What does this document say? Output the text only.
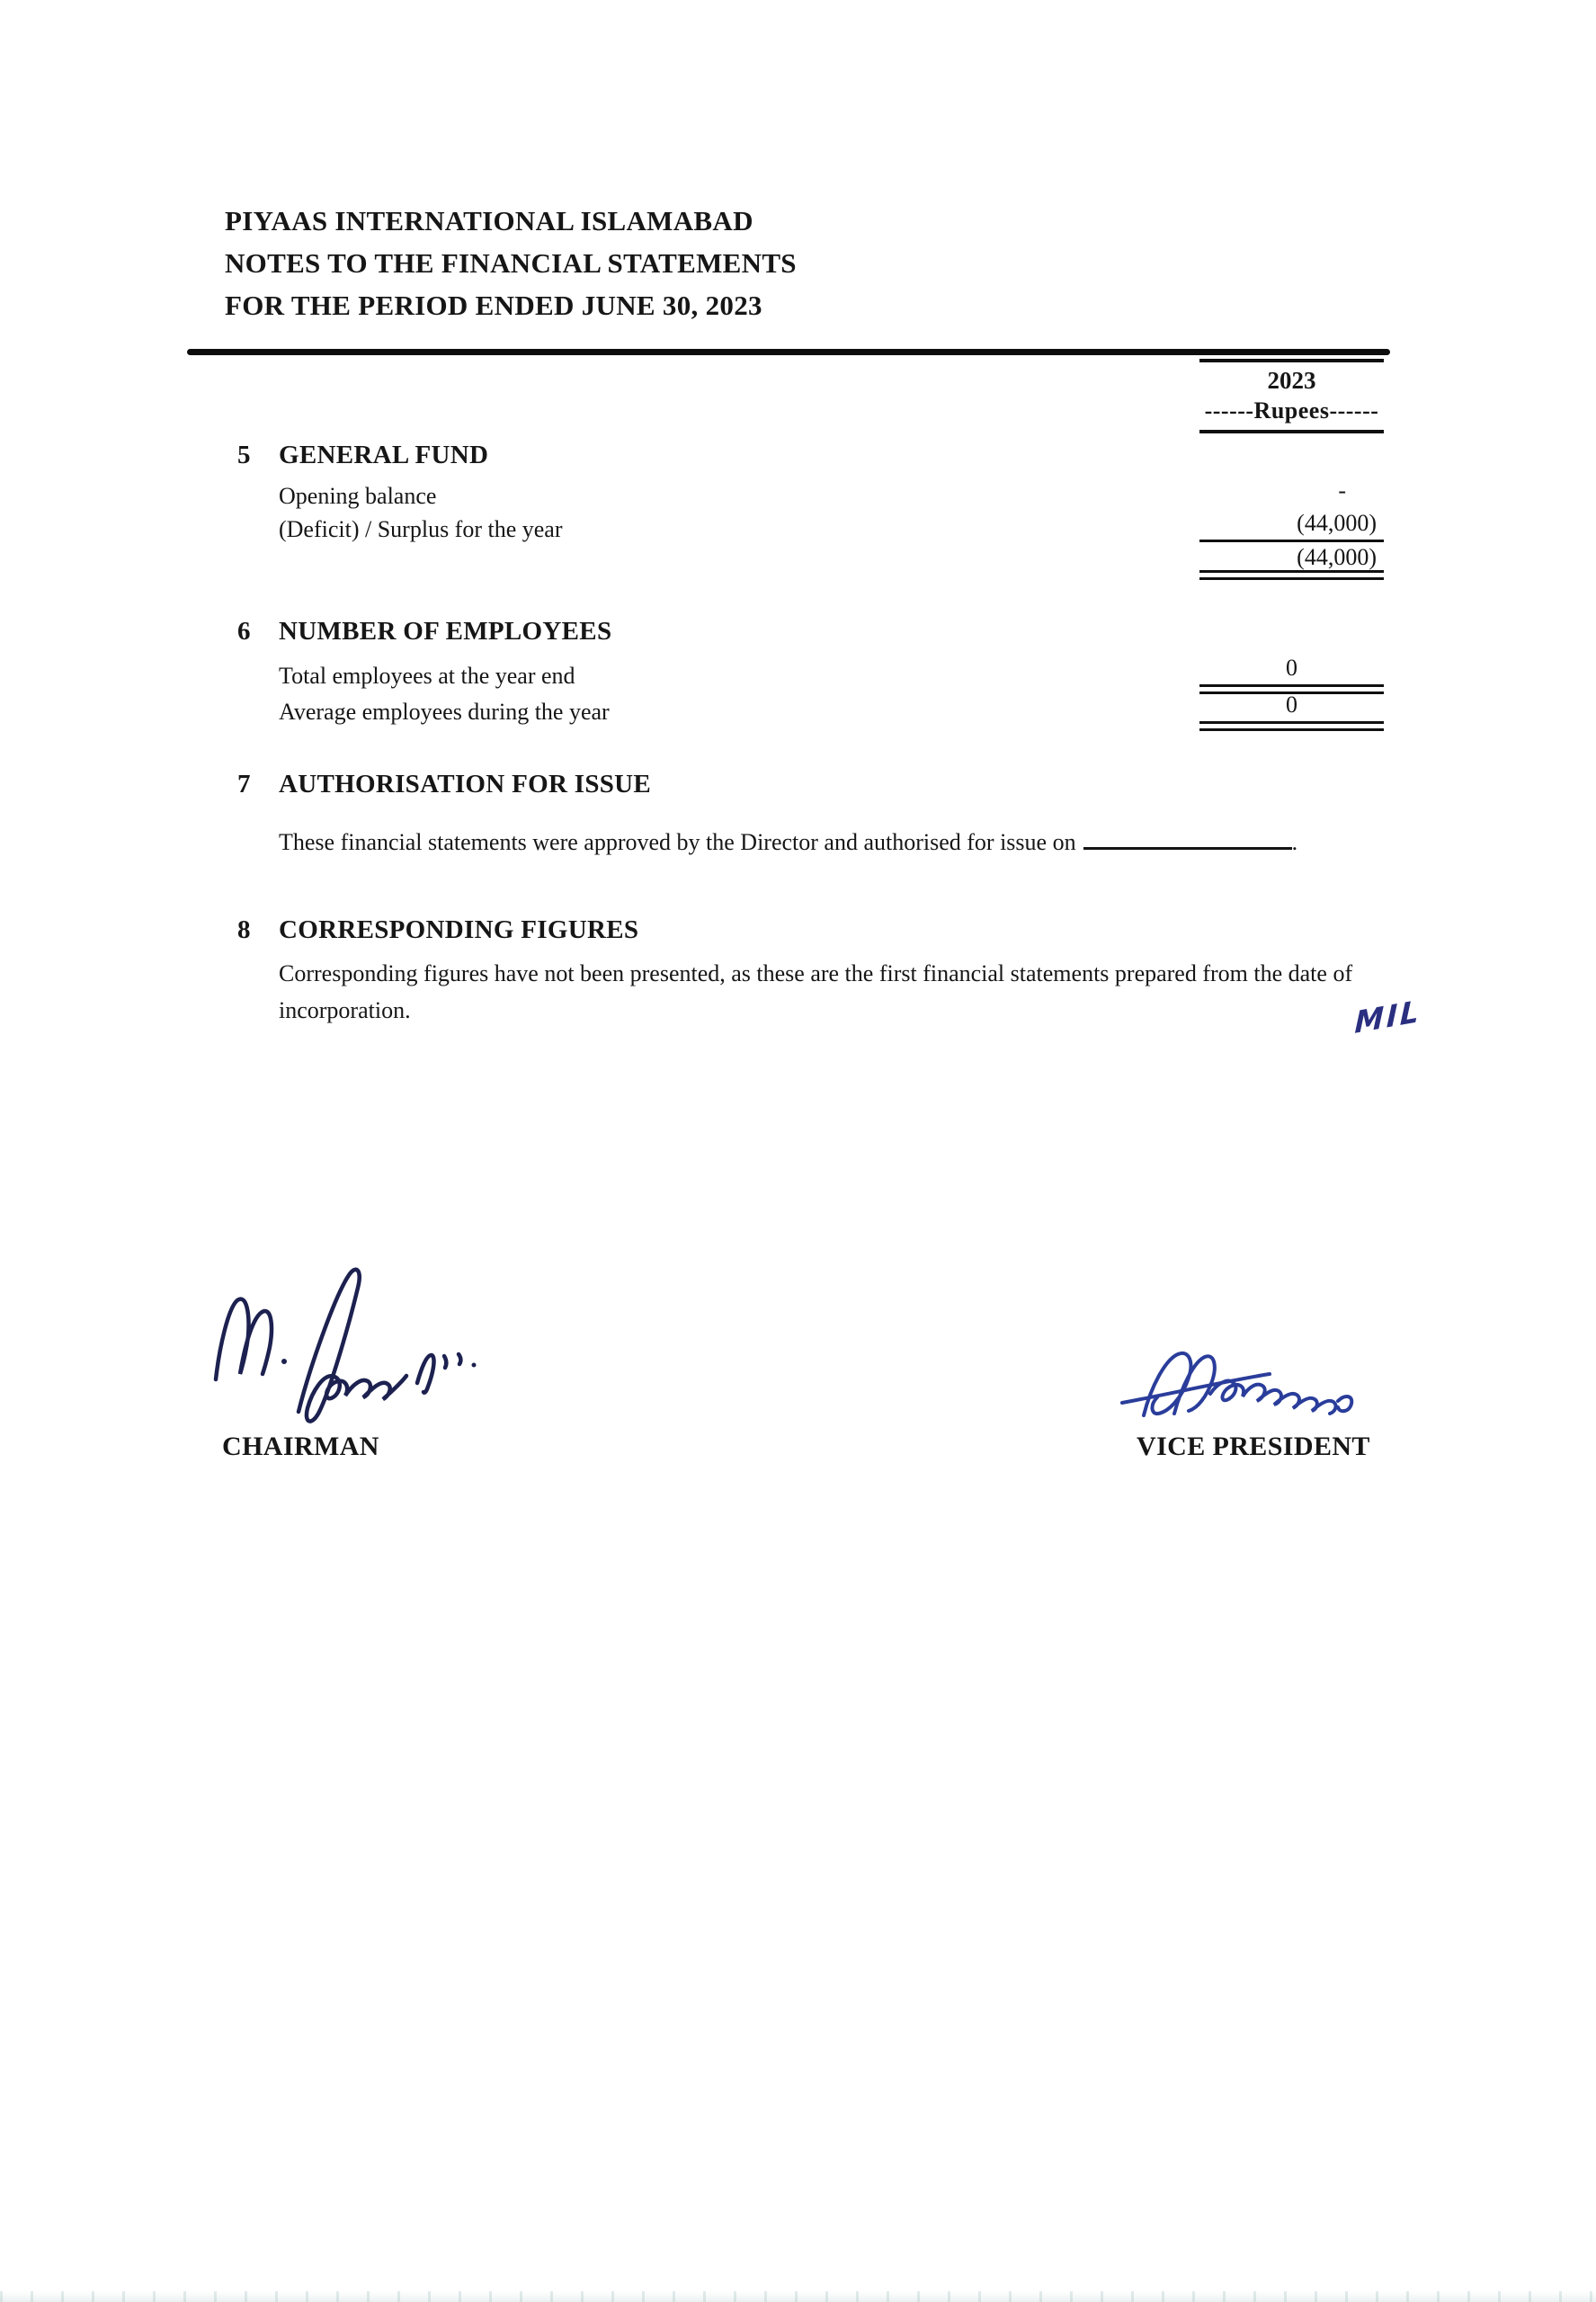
PIYAAS INTERNATIONAL ISLAMABAD
NOTES TO THE FINANCIAL STATEMENTS
FOR THE PERIOD ENDED JUNE 30, 2023
2023
------Rupees------
5 GENERAL FUND
Opening balance	-
(Deficit) / Surplus for the year	(44,000)
(44,000)
6 NUMBER OF EMPLOYEES
Total employees at the year end	0
Average employees during the year	0
7 AUTHORISATION FOR ISSUE
These financial statements were approved by the Director and authorised for issue on	.
8 CORRESPONDING FIGURES
Corresponding figures have not been presented, as these are the first financial statements prepared from the date of incorporation.	MIL
CHAIRMAN	VICE PRESIDENT
